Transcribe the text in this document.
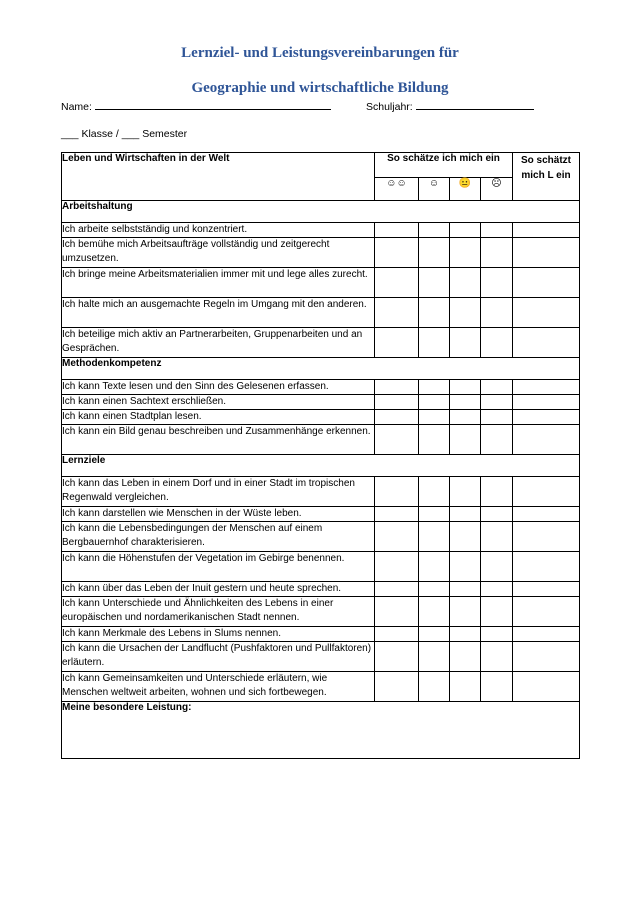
Lernziel- und Leistungsvereinbarungen für
Geographie und wirtschaftliche Bildung
Name:	Schuljahr:
___ Klasse / ___ Semester
Leben und Wirtschaften in der Welt	So schätze ich mich ein				So schätzt
mich L ein
	☺☺	☺	😐	☹	
Arbeitshaltung					
Ich arbeite selbstständig und konzentriert.					
Ich bemühe mich Arbeitsaufträge vollständig und zeitgerecht umzusetzen.					
Ich bringe meine Arbeitsmaterialien immer mit und lege alles zurecht.					
Ich halte mich an ausgemachte Regeln im Umgang mit den anderen.					
Ich beteilige mich aktiv an Partnerarbeiten, Gruppenarbeiten und an Gesprächen.					
Methodenkompetenz					
Ich kann Texte lesen und den Sinn des Gelesenen erfassen.					
Ich kann einen Sachtext erschließen.					
Ich kann einen Stadtplan lesen.					
Ich kann ein Bild genau beschreiben und Zusammenhänge erkennen.					
Lernziele					
Ich kann das Leben in einem Dorf und in einer Stadt im tropischen Regenwald vergleichen.					
Ich kann darstellen wie Menschen in der Wüste leben.					
Ich kann die Lebensbedingungen der Menschen auf einem Bergbauernhof charakterisieren.					
Ich kann die Höhenstufen der Vegetation im Gebirge benennen.					
Ich kann über das Leben der Inuit gestern und heute sprechen.					
Ich kann Unterschiede und Ähnlichkeiten des Lebens in einer europäischen und nordamerikanischen Stadt nennen.					
Ich kann Merkmale des Lebens in Slums nennen.					
Ich kann die Ursachen der Landflucht (Pushfaktoren und Pullfaktoren) erläutern.					
Ich kann Gemeinsamkeiten und Unterschiede erläutern, wie Menschen weltweit arbeiten, wohnen und sich fortbewegen.					
Meine besondere Leistung:					
